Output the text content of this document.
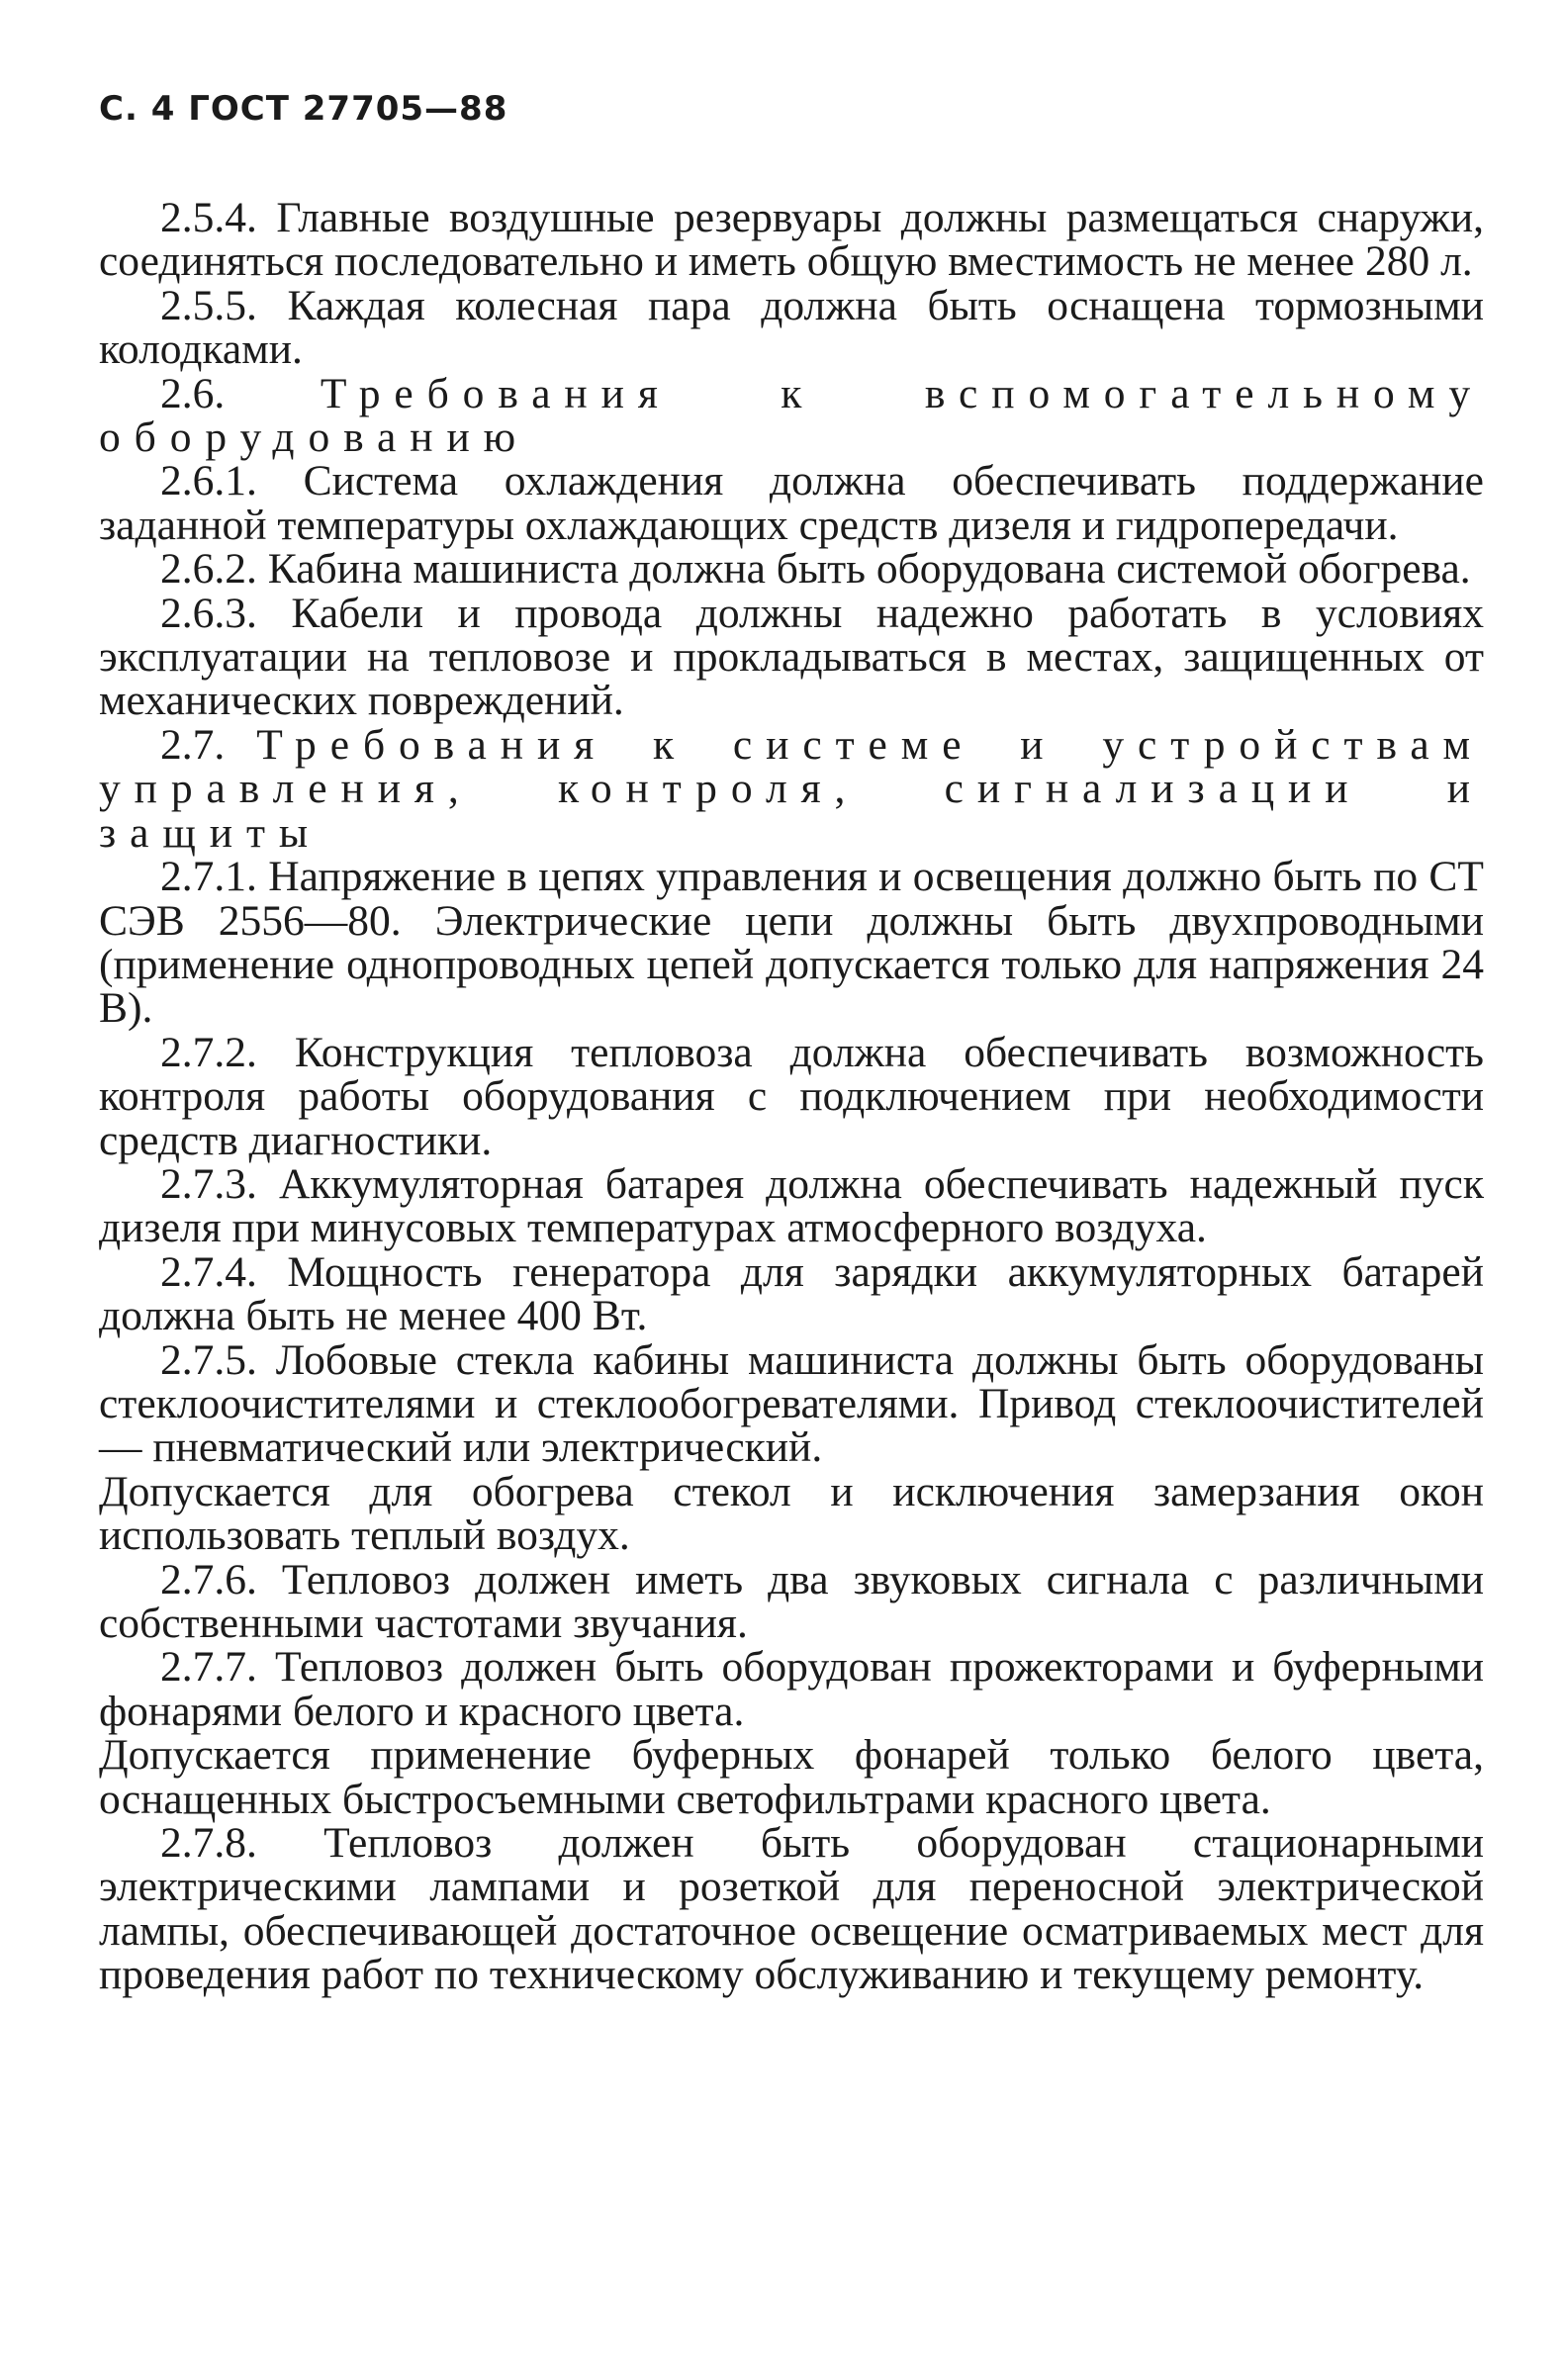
С. 4 ГОСТ 27705—88

2.5.4. Главные воздушные резервуары должны размещаться снаружи, соединяться последовательно и иметь общую вместимость не менее 280 л.

2.5.5. Каждая колесная пара должна быть оснащена тормозными колодками.

2.6. Требования к вспомогательному оборудованию

2.6.1. Система охлаждения должна обеспечивать поддержание заданной температуры охлаждающих средств дизеля и гидропередачи.

2.6.2. Кабина машиниста должна быть оборудована системой обогрева.

2.6.3. Кабели и провода должны надежно работать в условиях эксплуатации на тепловозе и прокладываться в местах, защищенных от механических повреждений.

2.7. Требования к системе и устройствам управления, контроля, сигнализации и защиты

2.7.1. Напряжение в цепях управления и освещения должно быть по СТ СЭВ 2556—80. Электрические цепи должны быть двухпроводными (применение однопроводных цепей допускается только для напряжения 24 В).

2.7.2. Конструкция тепловоза должна обеспечивать возможность контроля работы оборудования с подключением при необходимости средств диагностики.

2.7.3. Аккумуляторная батарея должна обеспечивать надежный пуск дизеля при минусовых температурах атмосферного воздуха.

2.7.4. Мощность генератора для зарядки аккумуляторных батарей должна быть не менее 400 Вт.

2.7.5. Лобовые стекла кабины машиниста должны быть оборудованы стеклоочистителями и стеклообогревателями. Привод стеклоочистителей — пневматический или электрический.

Допускается для обогрева стекол и исключения замерзания окон использовать теплый воздух.

2.7.6. Тепловоз должен иметь два звуковых сигнала с различными собственными частотами звучания.

2.7.7. Тепловоз должен быть оборудован прожекторами и буферными фонарями белого и красного цвета.

Допускается применение буферных фонарей только белого цвета, оснащенных быстросъемными светофильтрами красного цвета.

2.7.8. Тепловоз должен быть оборудован стационарными электрическими лампами и розеткой для переносной электрической лампы, обеспечивающей достаточное освещение осматриваемых мест для проведения работ по техническому обслуживанию и текущему ремонту.
